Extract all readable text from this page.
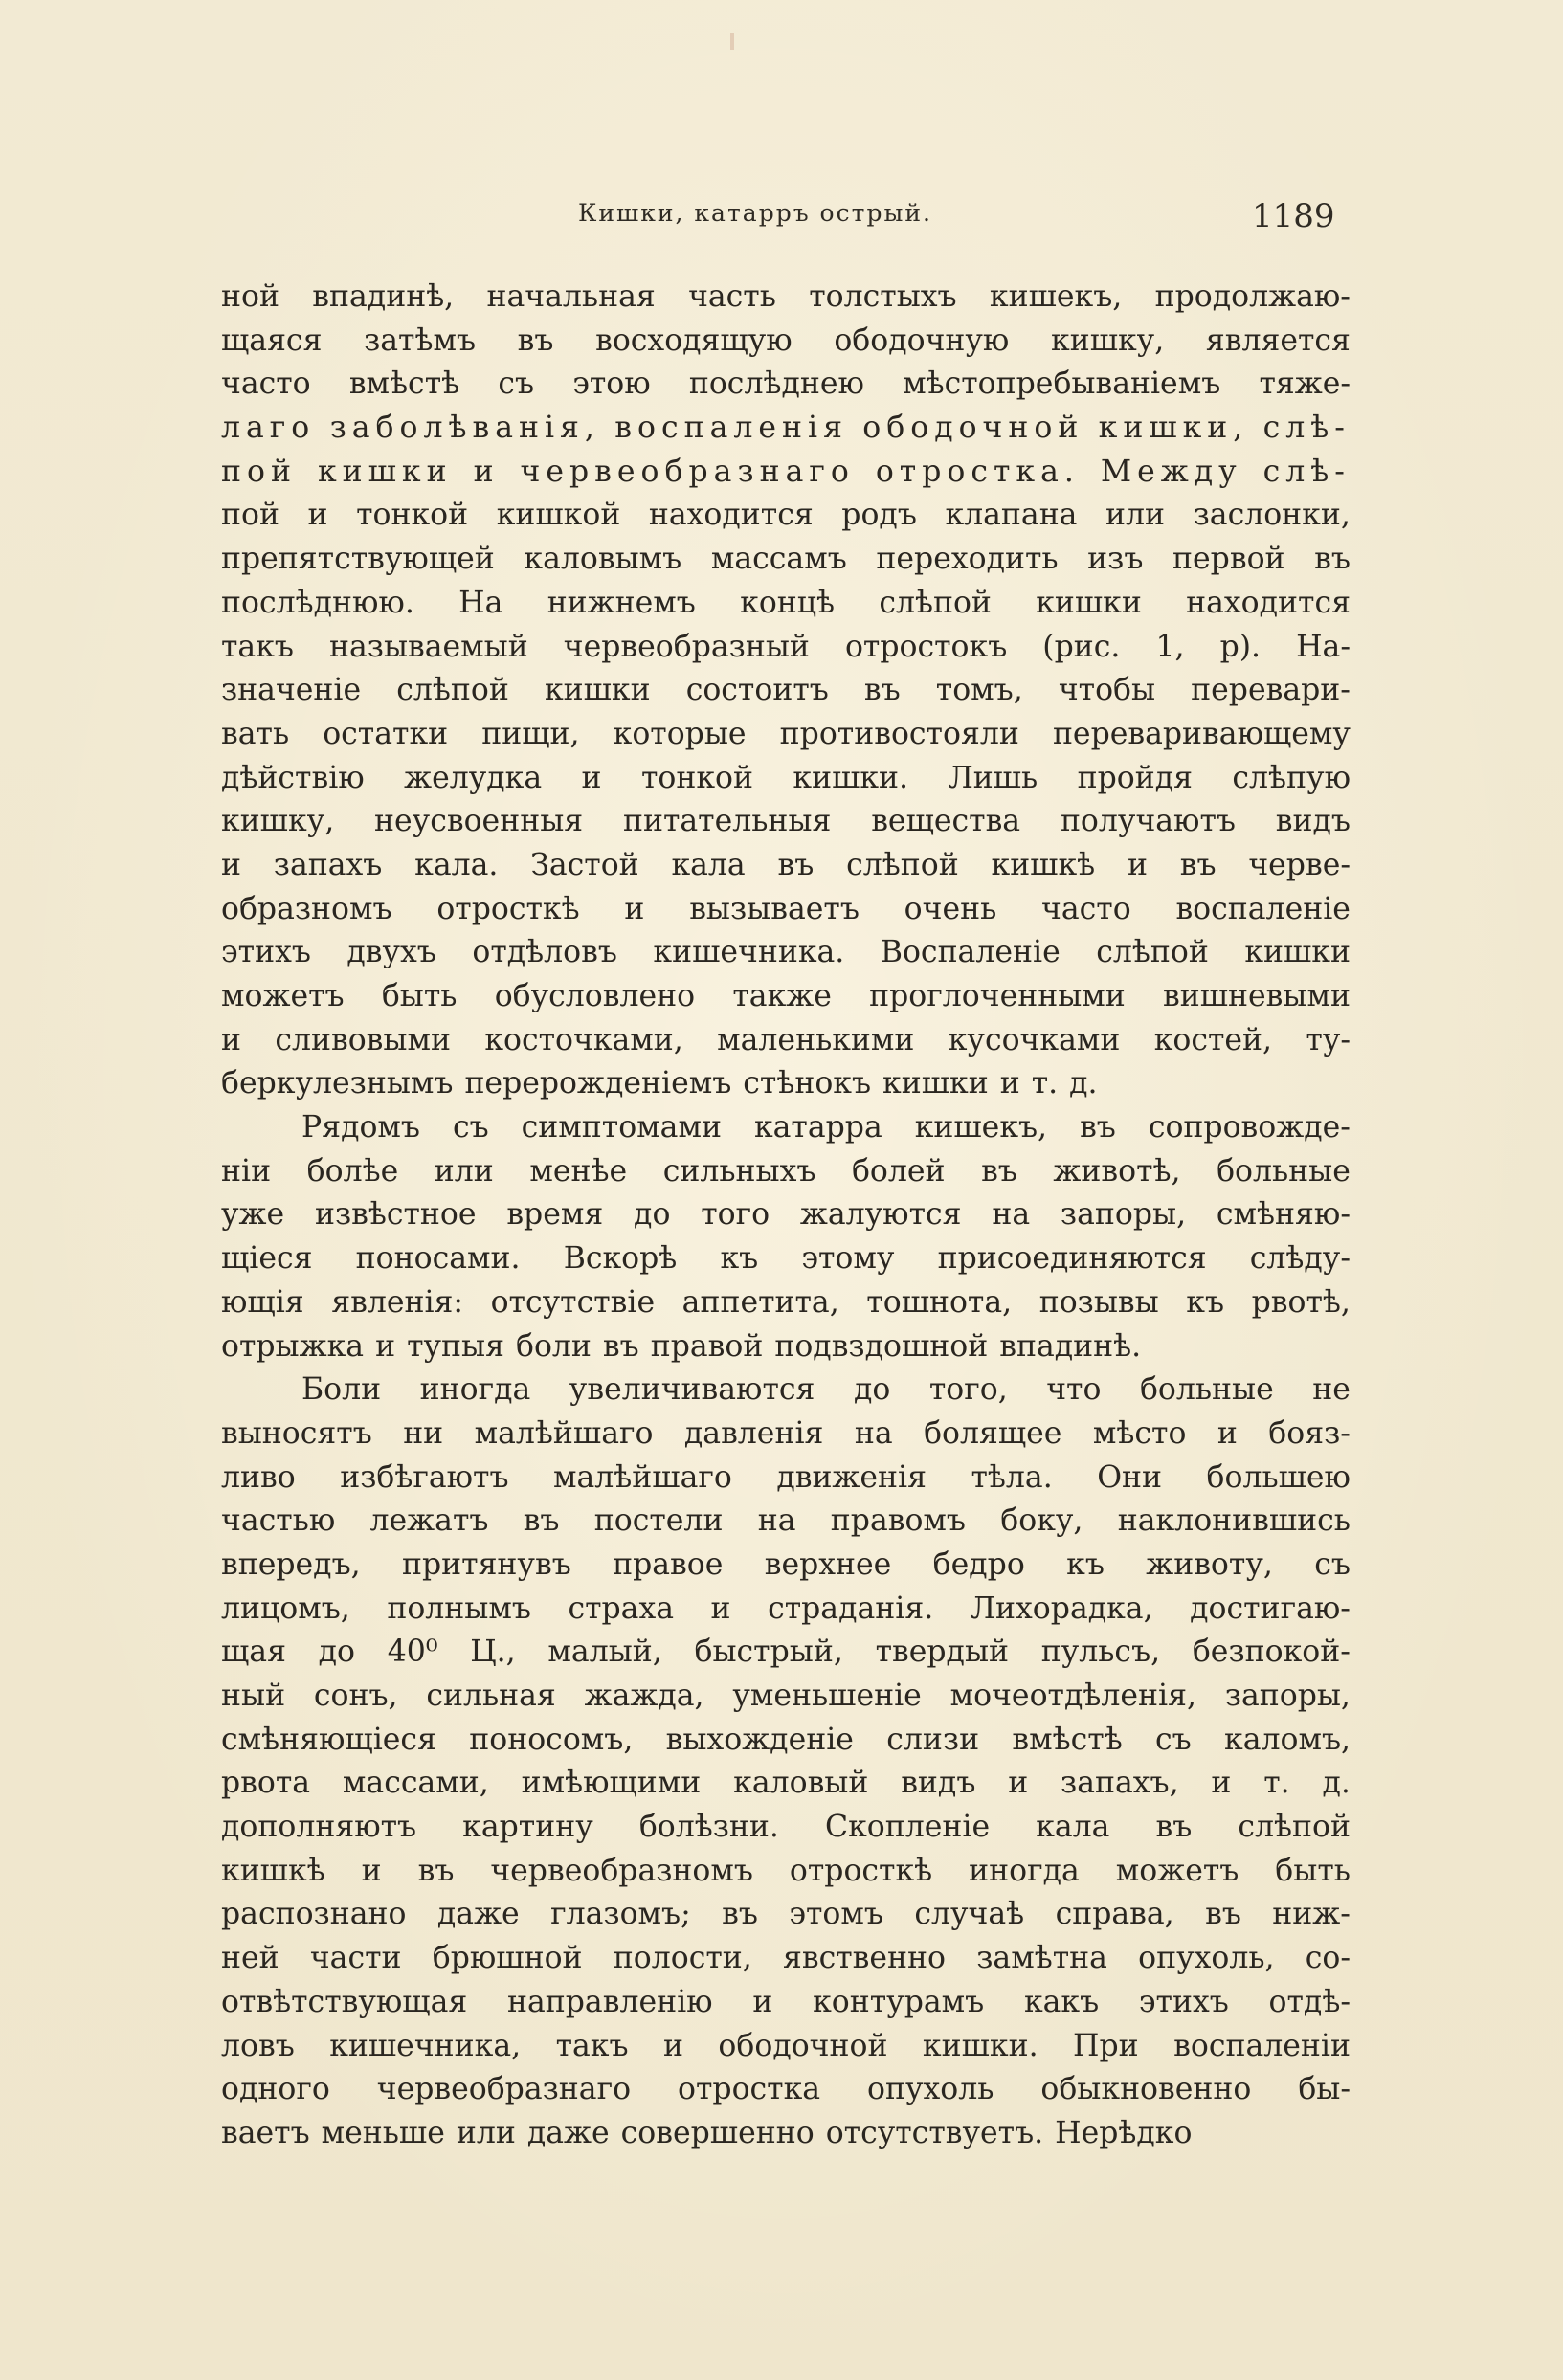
Кишки, катарръ острый.	1189
ной впадинѣ, начальная часть толстыхъ кишекъ, продолжаю-
щаяся затѣмъ въ восходящую ободочную кишку, является
часто вмѣстѣ съ этою послѣднею мѣстопребываніемъ тяже-
лаго заболѣванія, воспаленія ободочной кишки, слѣ-
пой кишки и червеобразнаго отростка. Между слѣ-
пой и тонкой кишкой находится родъ клапана или заслонки,
препятствующей каловымъ массамъ переходить изъ первой въ
послѣднюю. На нижнемъ концѣ слѣпой кишки находится
такъ называемый червеобразный отростокъ (рис. 1, p). На-
значеніе слѣпой кишки состоитъ въ томъ, чтобы перевари-
вать остатки пищи, которые противостояли переваривающему
дѣйствію желудка и тонкой кишки. Лишь пройдя слѣпую
кишку, неусвоенныя питательныя вещества получаютъ видъ
и запахъ кала. Застой кала въ слѣпой кишкѣ и въ черве-
образномъ отросткѣ и вызываетъ очень часто воспаленіе
этихъ двухъ отдѣловъ кишечника. Воспаленіе слѣпой кишки
можетъ быть обусловлено также проглоченными вишневыми
и сливовыми косточками, маленькими кусочками костей, ту-
беркулезнымъ перерожденіемъ стѣнокъ кишки и т. д.
Рядомъ съ симптомами катарра кишекъ, въ сопровожде-
ніи болѣе или менѣе сильныхъ болей въ животѣ, больные
уже извѣстное время до того жалуются на запоры, смѣняю-
щіеся поносами. Вскорѣ къ этому присоединяются слѣду-
ющія явленія: отсутствіе аппетита, тошнота, позывы къ рвотѣ,
отрыжка и тупыя боли въ правой подвздошной впадинѣ.
Боли иногда увеличиваются до того, что больные не
выносятъ ни малѣйшаго давленія на болящее мѣсто и бояз-
ливо избѣгаютъ малѣйшаго движенія тѣла. Они большею
частью лежатъ въ постели на правомъ боку, наклонившись
впередъ, притянувъ правое верхнее бедро къ животу, съ
лицомъ, полнымъ страха и страданія. Лихорадка, достигаю-
щая до 40⁰ Ц., малый, быстрый, твердый пульсъ, безпокой-
ный сонъ, сильная жажда, уменьшеніе мочеотдѣленія, запоры,
смѣняющіеся поносомъ, выхожденіе слизи вмѣстѣ съ каломъ,
рвота массами, имѣющими каловый видъ и запахъ, и т. д.
дополняютъ картину болѣзни. Скопленіе кала въ слѣпой
кишкѣ и въ червеобразномъ отросткѣ иногда можетъ быть
распознано даже глазомъ; въ этомъ случаѣ справа, въ ниж-
ней части брюшной полости, явственно замѣтна опухоль, со-
отвѣтствующая направленію и контурамъ какъ этихъ отдѣ-
ловъ кишечника, такъ и ободочной кишки. При воспаленіи
одного червеобразнаго отростка опухоль обыкновенно бы-
ваетъ меньше или даже совершенно отсутствуетъ. Нерѣдко
